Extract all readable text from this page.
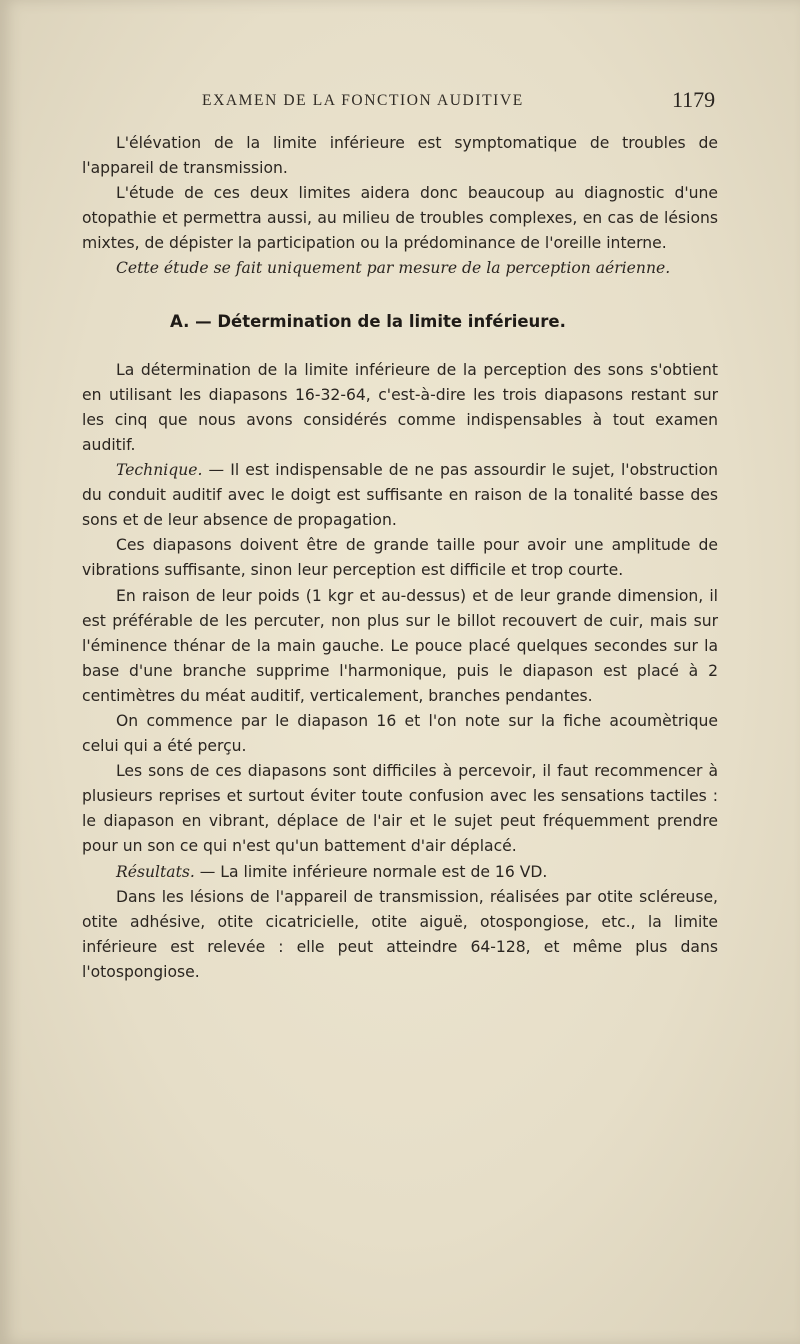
EXAMEN DE LA FONCTION AUDITIVE	1179

L'élévation de la limite inférieure est symptomatique de troubles de l'appareil de transmission.

L'étude de ces deux limites aidera donc beaucoup au diagnostic d'une otopathie et permettra aussi, au milieu de troubles complexes, en cas de lésions mixtes, de dépister la participation ou la prédominance de l'oreille interne.

Cette étude se fait uniquement par mesure de la perception aérienne.

A. — Détermination de la limite inférieure.

La détermination de la limite inférieure de la perception des sons s'obtient en utilisant les diapasons 16-32-64, c'est-à-dire les trois diapasons restant sur les cinq que nous avons considérés comme indispensables à tout examen auditif.

Technique. — Il est indispensable de ne pas assourdir le sujet, l'obstruction du conduit auditif avec le doigt est suffisante en raison de la tonalité basse des sons et de leur absence de propagation.

Ces diapasons doivent être de grande taille pour avoir une amplitude de vibrations suffisante, sinon leur perception est difficile et trop courte.

En raison de leur poids (1 kgr et au-dessus) et de leur grande dimension, il est préférable de les percuter, non plus sur le billot recouvert de cuir, mais sur l'éminence thénar de la main gauche. Le pouce placé quelques secondes sur la base d'une branche supprime l'harmonique, puis le diapason est placé à 2 centimètres du méat auditif, verticalement, branches pendantes.

On commence par le diapason 16 et l'on note sur la fiche acoumètrique celui qui a été perçu.

Les sons de ces diapasons sont difficiles à percevoir, il faut recommencer à plusieurs reprises et surtout éviter toute confusion avec les sensations tactiles : le diapason en vibrant, déplace de l'air et le sujet peut fréquemment prendre pour un son ce qui n'est qu'un battement d'air déplacé.

Résultats. — La limite inférieure normale est de 16 VD.

Dans les lésions de l'appareil de transmission, réalisées par otite scléreuse, otite adhésive, otite cicatricielle, otite aiguë, otospongiose, etc., la limite inférieure est relevée : elle peut atteindre 64-128, et même plus dans l'otospongiose.
